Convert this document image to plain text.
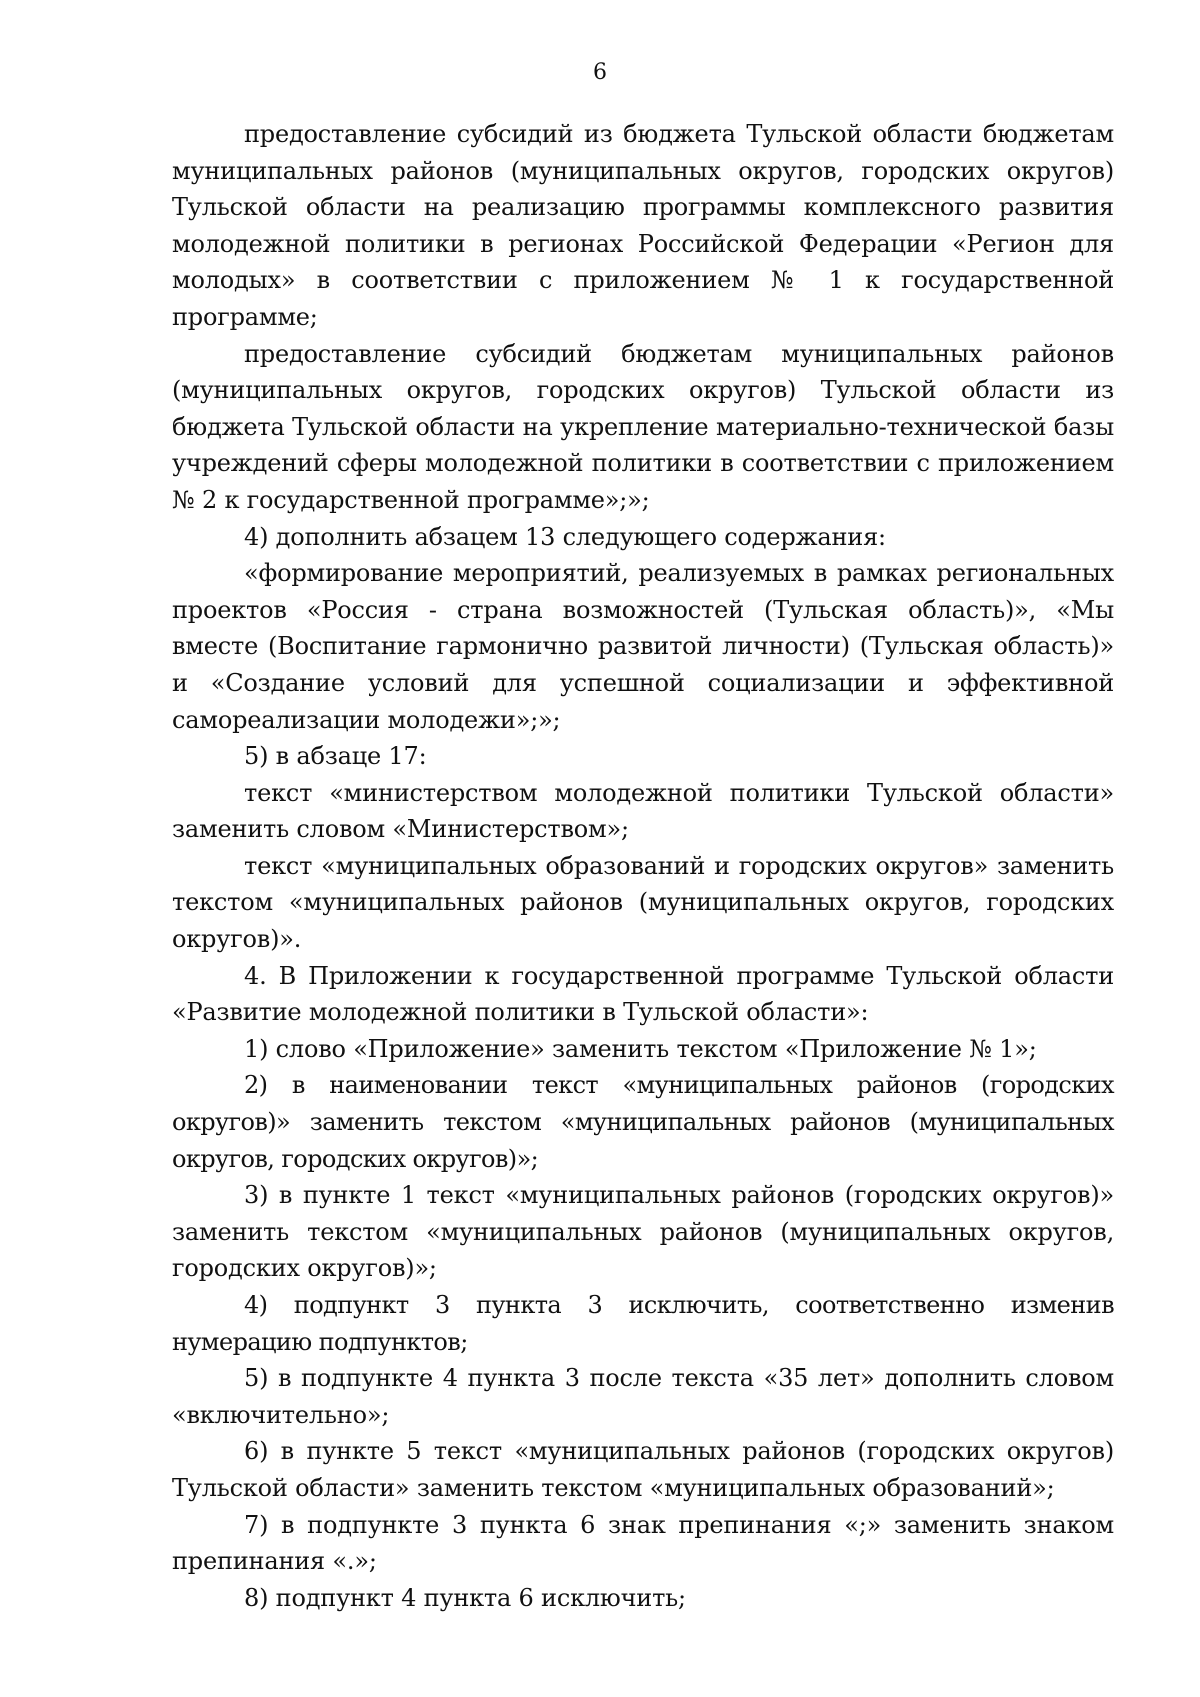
6

предоставление субсидий из бюджета Тульской области бюджетам муниципальных районов (муниципальных округов, городских округов) Тульской области на реализацию программы комплексного развития молодежной политики в регионах Российской Федерации «Регион для молодых» в соответствии с приложением № 1 к государственной программе;

предоставление субсидий бюджетам муниципальных районов (муниципальных округов, городских округов) Тульской области из бюджета Тульской области на укрепление материально-технической базы учреждений сферы молодежной политики в соответствии с приложением № 2 к государственной программе»;»;

4) дополнить абзацем 13 следующего содержания:

«формирование мероприятий, реализуемых в рамках региональных проектов «Россия - страна возможностей (Тульская область)», «Мы вместе (Воспитание гармонично развитой личности) (Тульская область)» и «Создание условий для успешной социализации и эффективной самореализации молодежи»;»;

5) в абзаце 17:

текст «министерством молодежной политики Тульской области» заменить словом «Министерством»;

текст «муниципальных образований и городских округов» заменить текстом «муниципальных районов (муниципальных округов, городских округов)».

4. В Приложении к государственной программе Тульской области «Развитие молодежной политики в Тульской области»:

1) слово «Приложение» заменить текстом «Приложение № 1»;

2) в наименовании текст «муниципальных районов (городских округов)» заменить текстом «муниципальных районов (муниципальных округов, городских округов)»;

3) в пункте 1 текст «муниципальных районов (городских округов)» заменить текстом «муниципальных районов (муниципальных округов, городских округов)»;

4) подпункт 3 пункта 3 исключить, соответственно изменив нумерацию подпунктов;

5) в подпункте 4 пункта 3 после текста «35 лет» дополнить словом «включительно»;

6) в пункте 5 текст «муниципальных районов (городских округов) Тульской области» заменить текстом «муниципальных образований»;

7) в подпункте 3 пункта 6 знак препинания «;» заменить знаком препинания «.»;

8) подпункт 4 пункта 6 исключить;
